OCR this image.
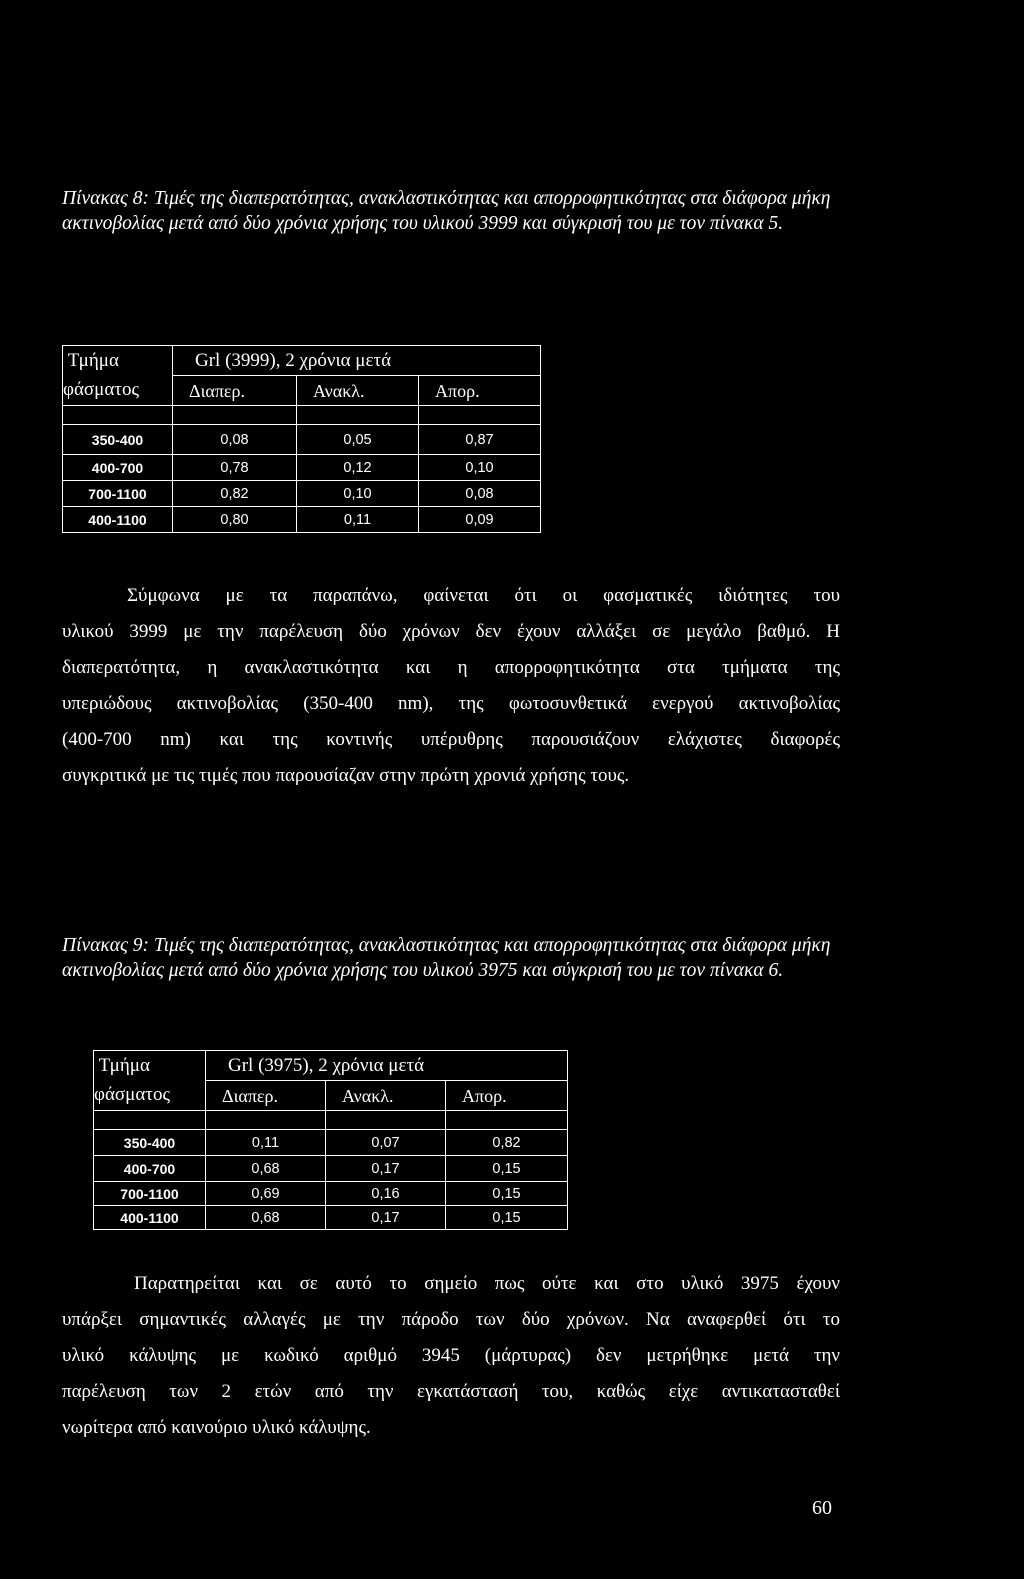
Πίνακας 8: Τιμές της διαπερατότητας, ανακλαστικότητας και απορροφητικότητας στα διάφορα μήκη ακτινοβολίας μετά από δύο χρόνια χρήσης του υλικού 3999 και σύγκρισή του με τον πίνακα 5.
Τμήμα	Grl (3999), 2 χρόνια μετά		
φάσματος	Διαπερ.	Ανακλ.	Απορ.

350-400	0,08	0,05	0,87
400-700	0,78	0,12	0,10
700-1100	0,82	0,10	0,08
400-1100	0,80	0,11	0,09
Σύμφωνα με τα παραπάνω, φαίνεται ότι οι φασματικές ιδιότητες του
υλικού 3999 με την παρέλευση δύο χρόνων δεν έχουν αλλάξει σε μεγάλο βαθμό. Η
διαπερατότητα, η ανακλαστικότητα και η απορροφητικότητα στα τμήματα της
υπεριώδους ακτινοβολίας (350-400 nm), της φωτοσυνθετικά ενεργού ακτινοβολίας
(400-700 nm) και της κοντινής υπέρυθρης παρουσιάζουν ελάχιστες διαφορές
συγκριτικά με τις τιμές που παρουσίαζαν στην πρώτη χρονιά χρήσης τους.
Πίνακας 9: Τιμές της διαπερατότητας, ανακλαστικότητας και απορροφητικότητας στα διάφορα μήκη ακτινοβολίας μετά από δύο χρόνια χρήσης του υλικού 3975 και σύγκρισή του με τον πίνακα 6.
Τμήμα	Grl (3975), 2 χρόνια μετά		
φάσματος	Διαπερ.	Ανακλ.	Απορ.

350-400	0,11	0,07	0,82
400-700	0,68	0,17	0,15
700-1100	0,69	0,16	0,15
400-1100	0,68	0,17	0,15
Παρατηρείται και σε αυτό το σημείο πως ούτε και στο υλικό 3975 έχουν
υπάρξει σημαντικές αλλαγές με την πάροδο των δύο χρόνων. Να αναφερθεί ότι το
υλικό κάλυψης με κωδικό αριθμό 3945 (μάρτυρας) δεν μετρήθηκε μετά την
παρέλευση των 2 ετών από την εγκατάστασή του, καθώς είχε αντικατασταθεί
νωρίτερα από καινούριο υλικό κάλυψης.
60
